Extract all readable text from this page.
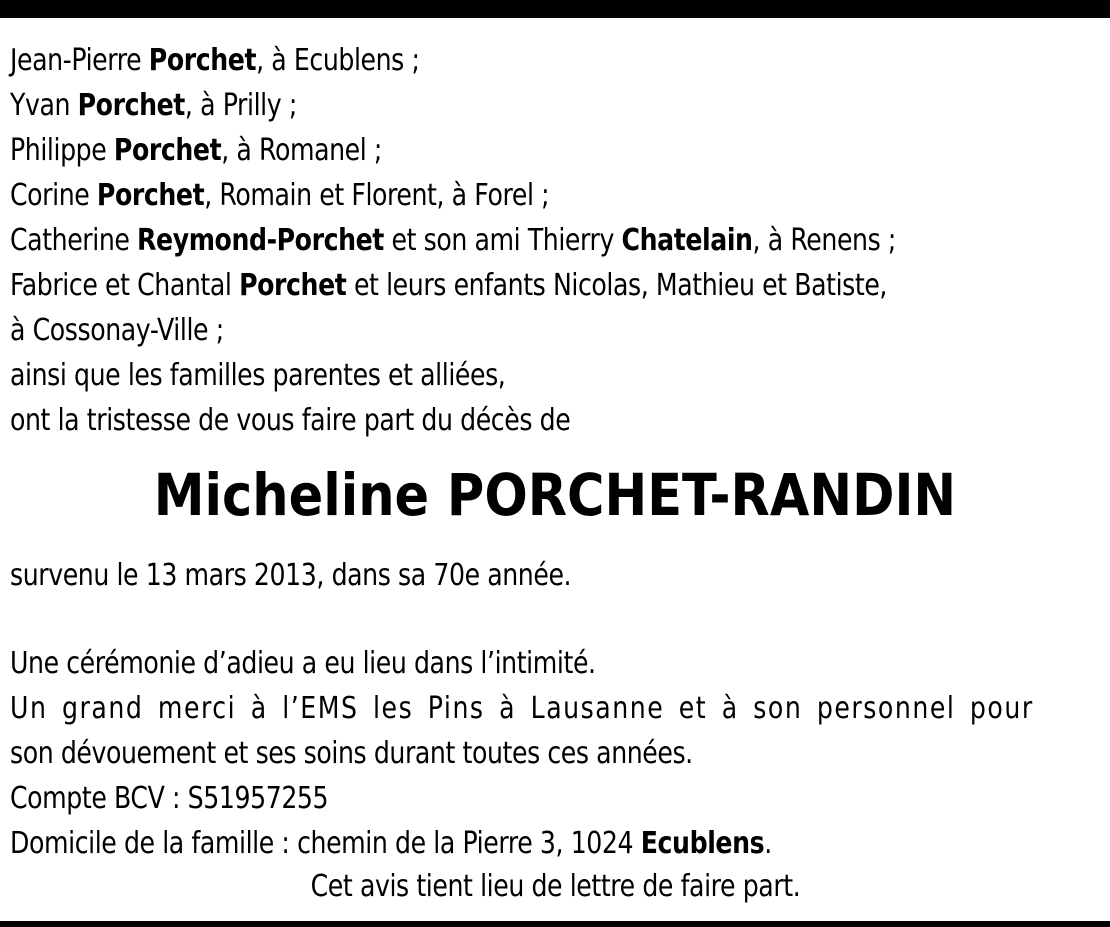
Jean-Pierre Porchet, à Ecublens ;
Yvan Porchet, à Prilly ;
Philippe Porchet, à Romanel ;
Corine Porchet, Romain et Florent, à Forel ;
Catherine Reymond-Porchet et son ami Thierry Chatelain, à Renens ;
Fabrice et Chantal Porchet et leurs enfants Nicolas, Mathieu et Batiste,
à Cossonay-Ville ;
ainsi que les familles parentes et alliées,
ont la tristesse de vous faire part du décès de
Micheline PORCHET-RANDIN
survenu le 13 mars 2013, dans sa 70e année.
Une cérémonie d’adieu a eu lieu dans l’intimité.
Un grand merci à l’EMS les Pins à Lausanne et à son personnel pour
son dévouement et ses soins durant toutes ces années.
Compte BCV : S51957255
Domicile de la famille : chemin de la Pierre 3, 1024 Ecublens.
Cet avis tient lieu de lettre de faire part.
